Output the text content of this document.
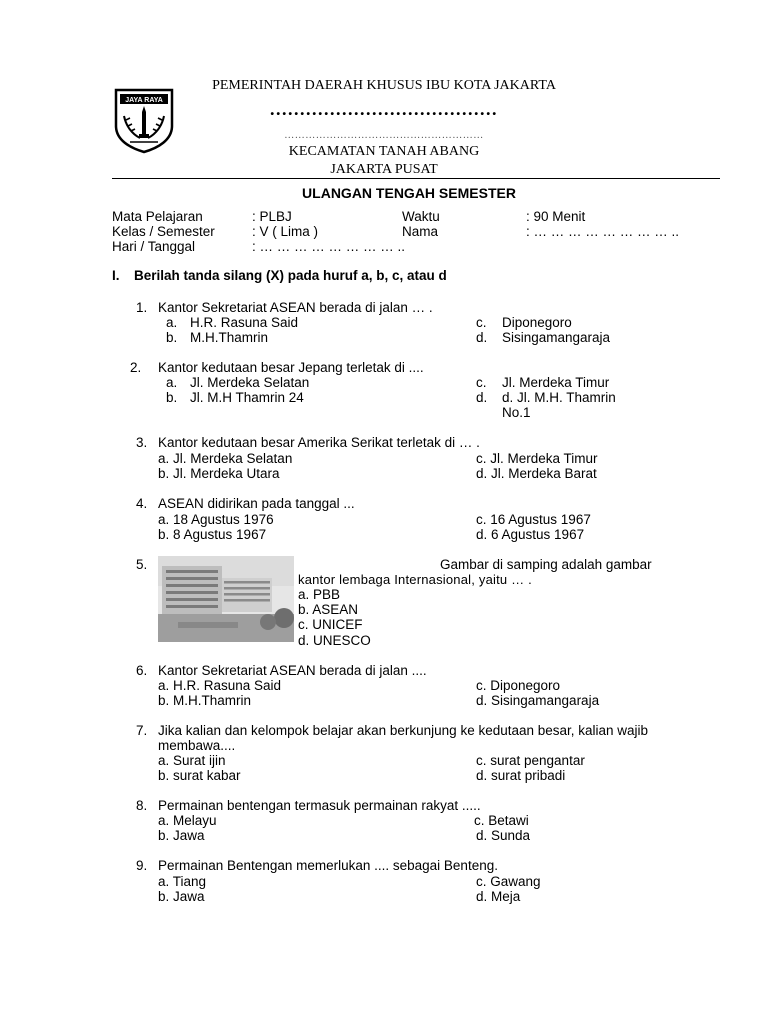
JAYA RAYA
PEMERINTAH DAERAH KHUSUS IBU KOTA JAKARTA
......................................
…………………………………………………
KECAMATAN TANAH ABANG
JAKARTA PUSAT
ULANGAN TENGAH SEMESTER
Mata Pelajaran	: PLBJ	Waktu	: 90 Menit
Kelas / Semester	: V ( Lima )	Nama	: … … … … … … … … ..
Hari / Tanggal	: … … … … … … … … ..
I. Berilah tanda silang (X) pada huruf a, b, c, atau d
1. Kantor Sekretariat ASEAN berada di jalan … .
a. H.R. Rasuna Said	c. Diponegoro
b. M.H.Thamrin	d. Sisingamangaraja
2. Kantor kedutaan besar Jepang terletak di ....
a. Jl. Merdeka Selatan	c. Jl. Merdeka Timur
b. Jl. M.H Thamrin 24	d. d. Jl. M.H. Thamrin
No.1
3. Kantor kedutaan besar Amerika Serikat terletak di … .
a. Jl. Merdeka Selatan	c. Jl. Merdeka Timur
b. Jl. Merdeka Utara	d. Jl. Merdeka Barat
4. ASEAN didirikan pada tanggal ...
a. 18 Agustus 1976	c. 16 Agustus 1967
b. 8 Agustus 1967	d. 6 Agustus 1967
5.	Gambar di samping adalah gambar
kantor lembaga Internasional, yaitu … .
a. PBB
b. ASEAN
c. UNICEF
d. UNESCO
6. Kantor Sekretariat ASEAN berada di jalan ....
a. H.R. Rasuna Said	c. Diponegoro
b. M.H.Thamrin	d. Sisingamangaraja
7. Jika kalian dan kelompok belajar akan berkunjung ke kedutaan besar, kalian wajib
membawa....
a. Surat ijin	c. surat pengantar
b. surat kabar	d. surat pribadi
8. Permainan bentengan termasuk permainan rakyat .....
a. Melayu	c. Betawi
b. Jawa	d. Sunda
9. Permainan Bentengan memerlukan .... sebagai Benteng.
a. Tiang	c. Gawang
b. Jawa	d. Meja
